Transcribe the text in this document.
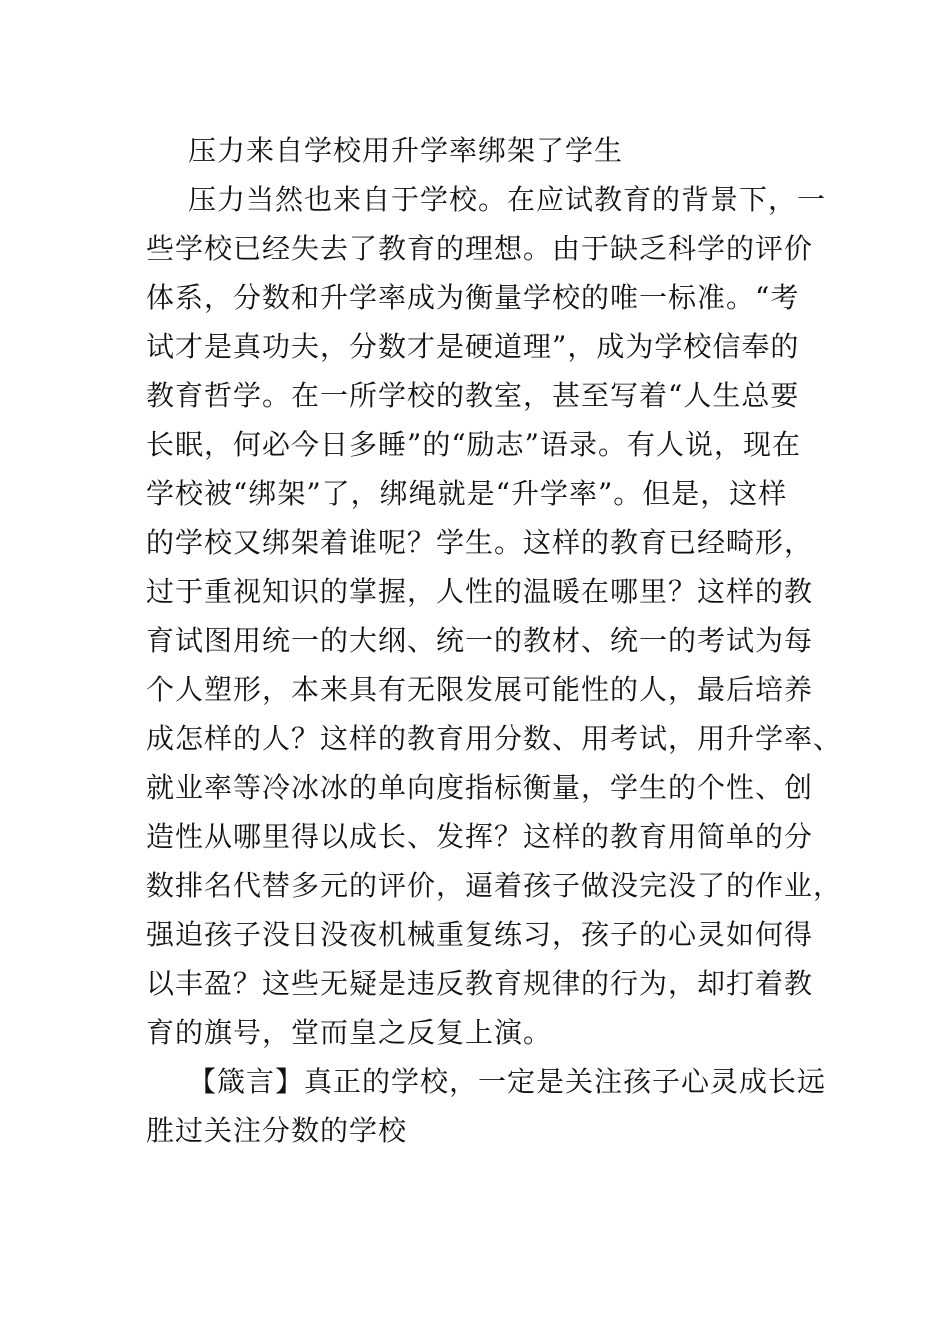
压力来自学校用升学率绑架了学生
压力当然也来自于学校。在应试教育的背景下，一
些学校已经失去了教育的理想。由于缺乏科学的评价
体系，分数和升学率成为衡量学校的唯一标准。“考
试才是真功夫，分数才是硬道理”，成为学校信奉的
教育哲学。在一所学校的教室，甚至写着“人生总要
长眠，何必今日多睡”的“励志”语录。有人说，现在
学校被“绑架”了，绑绳就是“升学率”。但是，这样
的学校又绑架着谁呢？学生。这样的教育已经畸形，
过于重视知识的掌握，人性的温暖在哪里？这样的教
育试图用统一的大纲、统一的教材、统一的考试为每
个人塑形，本来具有无限发展可能性的人，最后培养
成怎样的人？这样的教育用分数、用考试，用升学率、
就业率等冷冰冰的单向度指标衡量，学生的个性、创
造性从哪里得以成长、发挥？这样的教育用简单的分
数排名代替多元的评价，逼着孩子做没完没了的作业，
强迫孩子没日没夜机械重复练习，孩子的心灵如何得
以丰盈？这些无疑是违反教育规律的行为，却打着教
育的旗号，堂而皇之反复上演。
【箴言】真正的学校，一定是关注孩子心灵成长远
胜过关注分数的学校
